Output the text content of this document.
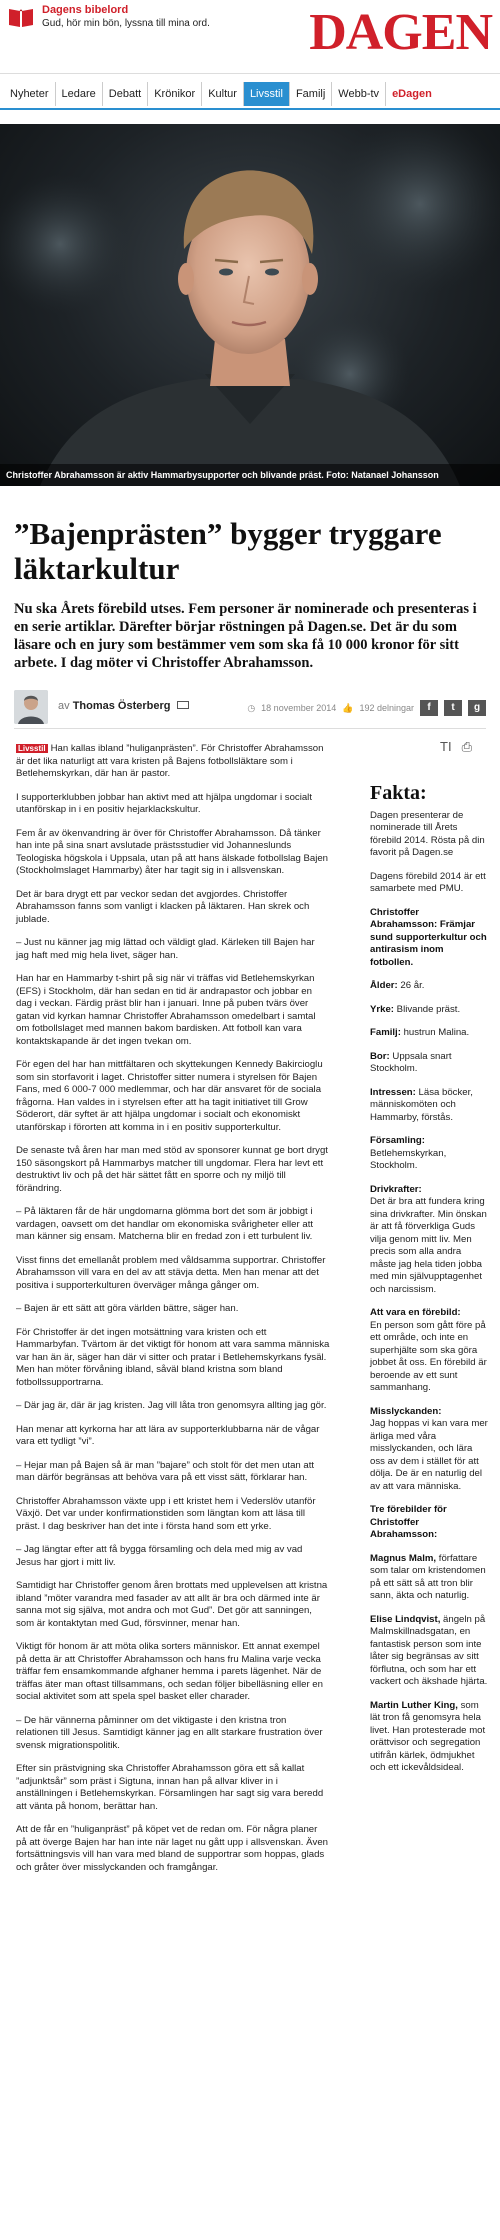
Dagens bibelord
Gud, hör min bön, lyssna till mina ord. DAGEN
Nyheter	Ledare	Debatt	Krönikor	Kultur	Livsstil	Familj	Webb-tv	eDagen
Christoffer Abrahamsson är aktiv Hammarbysupporter och blivande präst. Foto: Natanael Johansson
”Bajenprästen” bygger tryggare läktarkultur

Nu ska Årets förebild utses. Fem personer är nominerade och presenteras i en serie artiklar. Därefter börjar röstningen på Dagen.se. Det är du som läsare och en jury som bestämmer vem som ska få 10 000 kronor för sitt arbete. I dag möter vi Christoffer Abrahamsson.

av Thomas Österberg	◷ 18 november 2014 👍 192 delningar	f	t	g
TI ⎙

Livsstil Han kallas ibland ”huliganprästen”. För Christoffer Abrahamsson är det lika naturligt att vara kristen på Bajens fotbollsläktare som i Betlehemskyrkan, där han är pastor.

I supporterklubben jobbar han aktivt med att hjälpa ungdomar i socialt utanförskap in i en positiv hejarklackskultur.

Fem år av ökenvandring är över för Christoffer Abrahamsson. Då tänker han inte på sina snart avslutade prästsstudier vid Johanneslunds Teologiska högskola i Uppsala, utan på att hans älskade fotbollslag Bajen (Stockholmslaget Hammarby) åter har tagit sig in i allsvenskan.

Det är bara drygt ett par veckor sedan det avgjordes. Christoffer Abrahamsson fanns som vanligt i klacken på läktaren. Han skrek och jublade.

– Just nu känner jag mig lättad och väldigt glad. Kärleken till Bajen har jag haft med mig hela livet, säger han.

Han har en Hammarby t-shirt på sig när vi träffas vid Betlehemskyrkan (EFS) i Stockholm, där han sedan en tid är andrapastor och jobbar en dag i veckan. Färdig präst blir han i januari. Inne på puben tvärs över gatan vid kyrkan hamnar Christoffer Abrahamsson omedelbart i samtal om fotbollslaget med mannen bakom bardisken. Att fotboll kan vara kontaktskapande är det ingen tvekan om.

För egen del har han mittfältaren och skyttekungen Kennedy Bakircioglu som sin storfavorit i laget. Christoffer sitter numera i styrelsen för Bajen Fans, med 6 000-7 000 medlemmar, och har där ansvaret för de sociala frågorna. Han valdes in i styrelsen efter att ha tagit initiativet till Grow Söderort, där syftet är att hjälpa ungdomar i socialt och ekonomiskt utanförskap i förorten att komma in i en positiv supporterkultur.

De senaste två åren har man med stöd av sponsorer kunnat ge bort drygt 150 säsongskort på Hammarbys matcher till ungdomar. Flera har levt ett destruktivt liv och på det här sättet fått en sporre och ny miljö till förändring.

– På läktaren får de här ungdomarna glömma bort det som är jobbigt i vardagen, oavsett om det handlar om ekonomiska svårigheter eller att man känner sig ensam. Matcherna blir en fredad zon i ett turbulent liv.

Visst finns det emellanåt problem med våldsamma supportrar. Christoffer Abrahamsson vill vara en del av att stävja detta. Men han menar att det positiva i supporterkulturen överväger många gånger om.

– Bajen är ett sätt att göra världen bättre, säger han.

För Christoffer är det ingen motsättning vara kristen och ett Hammarbyfan. Tvärtom är det viktigt för honom att vara samma människa var han än är, säger han där vi sitter och pratar i Betlehemskyrkans fysäl. Men han möter förvåning ibland, såväl bland kristna som bland fotbollssupportrarna.

– Där jag är, där är jag kristen. Jag vill låta tron genomsyra allting jag gör.

Han menar att kyrkorna har att lära av supporterklubbarna när de vågar vara ett tydligt ”vi”.

– Hejar man på Bajen så är man ”bajare” och stolt för det men utan att man därför begränsas att behöva vara på ett visst sätt, förklarar han.

Christoffer Abrahamsson växte upp i ett kristet hem i Vederslöv utanför Växjö. Det var under konfirmationstiden som längtan kom att läsa till präst. I dag beskriver han det inte i första hand som ett yrke.

– Jag längtar efter att få bygga församling och dela med mig av vad Jesus har gjort i mitt liv.

Samtidigt har Christoffer genom åren brottats med upplevelsen att kristna ibland ”möter varandra med fasader av att allt är bra och därmed inte är sanna mot sig själva, mot andra och mot Gud”. Det gör att sanningen, som är kontaktytan med Gud, försvinner, menar han.

Viktigt för honom är att möta olika sorters människor. Ett annat exempel på detta är att Christoffer Abrahamsson och hans fru Malina varje vecka träffar fem ensamkommande afghaner hemma i parets lägenhet. När de träffas äter man oftast tillsammans, och sedan följer bibelläsning eller en social aktivitet som att spela spel basket eller charader.

– De här vännerna påminner om det viktigaste i den kristna tron relationen till Jesus. Samtidigt känner jag en allt starkare frustration över svensk migrationspolitik.

Efter sin prästvigning ska Christoffer Abrahamsson göra ett så kallat ”adjunktsår” som präst i Sigtuna, innan han på allvar kliver in i anställningen i Betlehemskyrkan. Församlingen har sagt sig vara beredd att vänta på honom, berättar han.

Att de får en ”huliganpräst” på köpet vet de redan om. För några planer på att överge Bajen har han inte när laget nu gått upp i allsvenskan. Även fortsättningsvis vill han vara med bland de supportrar som hoppas, glads och gråter över misslyckanden och framgångar.

Fakta:

Dagen presenterar de nominerade till Årets förebild 2014. Rösta på din favorit på Dagen.se

Dagens förebild 2014 är ett samarbete med PMU.

Christoffer Abrahamsson: Främjar sund supporterkultur och antirasism inom fotbollen.

Ålder: 26 år.

Yrke: Blivande präst.

Familj: hustrun Malina.

Bor: Uppsala snart Stockholm.

Intressen: Läsa böcker, människomöten och Hammarby, förstås.

Församling: Betlehemskyrkan, Stockholm.

Drivkrafter:
Det är bra att fundera kring sina drivkrafter. Min önskan är att få förverkliga Guds vilja genom mitt liv. Men precis som alla andra måste jag hela tiden jobba med min självupptagenhet och narcissism.

Att vara en förebild:
En person som gått före på ett område, och inte en superhjälte som ska göra jobbet åt oss. En förebild är beroende av ett sunt sammanhang.

Misslyckanden:
Jag hoppas vi kan vara mer ärliga med våra misslyckanden, och lära oss av dem i stället för att dölja. De är en naturlig del av att vara människa.

Tre förebilder för Christoffer Abrahamsson:

Magnus Malm, författare som talar om kristendomen på ett sätt så att tron blir sann, äkta och naturlig.

Elise Lindqvist, ängeln på Malmskillnadsgatan, en fantastisk person som inte låter sig begränsas av sitt förflutna, och som har ett vackert och äkshade hjärta.

Martin Luther King, som lät tron få genomsyra hela livet. Han protesterade mot orättvisor och segregation utifrån kärlek, ödmjukhet och ett ickevåldsideal.
